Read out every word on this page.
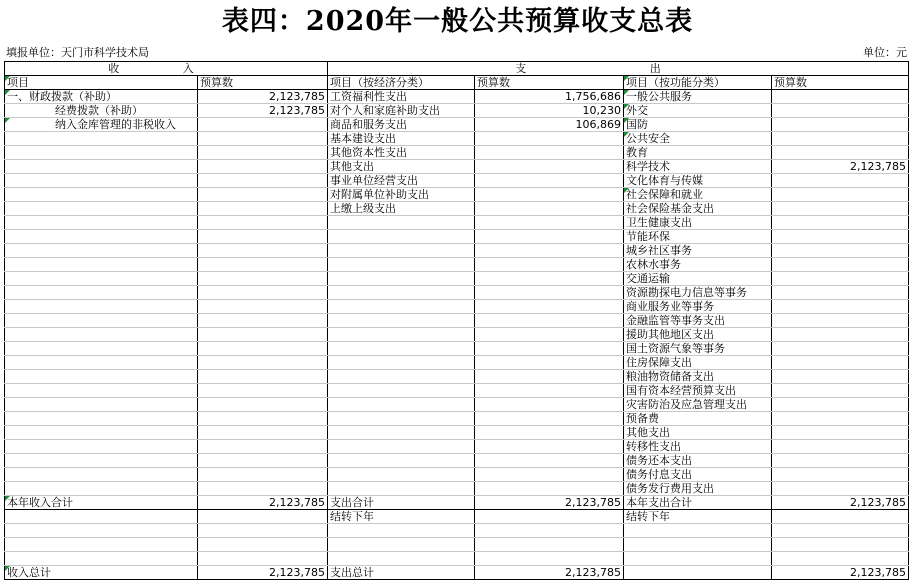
表四：2020年一般公共预算收支总表
填报单位：天门市科学技术局	单位：元
收 入		支 出			

项目	预算数	项目（按经济分类）	预算数	项目（按功能分类）	预算数

一、财政拨款（补助）	2,123,785	工资福利性支出	1,756,686	一般公共服务	
经费拨款（补助）	2,123,785	对个人和家庭补助支出	10,230	外交	

纳入金库管理的非税收入		商品和服务支出	106,869	国防	
		基本建设支出		公共安全	
		其他资本性支出		教育	
		其他支出		科学技术	2,123,785
		事业单位经营支出		文化体育与传媒	
		对附属单位补助支出		社会保障和就业	
		上缴上级支出		社会保险基金支出	
				卫生健康支出	
				节能环保	
				城乡社区事务	
				农林水事务	
				交通运输	
				资源勘探电力信息等事务	
				商业服务业等事务	
				金融监管等事务支出	
				援助其他地区支出	
				国土资源气象等事务	
				住房保障支出	
				粮油物资储备支出	
				国有资本经营预算支出	
				灾害防治及应急管理支出	
				预备费	
				其他支出	
				转移性支出	
				债务还本支出	
				债务付息支出	
				债务发行费用支出	

本年收入合计	2,123,785	支出合计	2,123,785	本年支出合计	2,123,785
		结转下年		结转下年	

收入总计	2,123,785	支出总计	2,123,785		2,123,785
